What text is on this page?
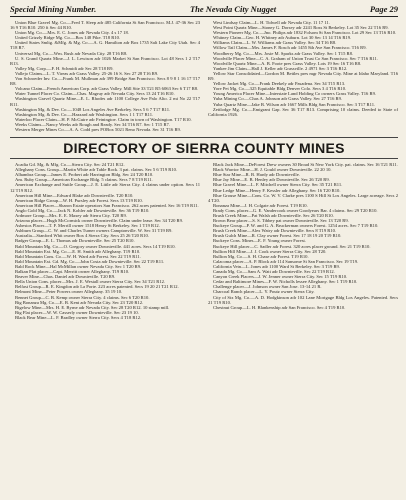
Special Mining Number.	The Nevada City Nugget	Page 29

Union Blue Gravel Mg. Co.—Fred T. Sleep adr 485 California St San Francisco. M.J. 47-36 Sec 23 16 9 T16 R10. 250 ft Sec 44 R10.

Union Mg. Co.—Mrs. E. C. Jones adr Nevada City. 4 s 17 18.

United Grizzly Ridge Mg. Co.—Box 148 Pike. T18 R10.

United States Smltg. &Mfg. & Mg. Co.—A. G. Hamilton adr Box 1735 Salt Lake City Utah. Sec 4 T18 R7.

Universal Mg. Co.—Wm. Rush adr Nevada City. 28 T16 R8.

U. S. Grand Quartz Mine—J. L. Lewison adr 1026 Market St San Francisco. Lot 48 Secs 1 2 T17 R13.

Valley Mg. Corp.—F. H. Schmidt adr Sec 28 T18 R9.

Vallejo Claims—L. T. Vireas adr Grass Valley. 25-26 16 S. Sec 27 28 T16 R9.

Von Schroeder Inv. Co.—Frank M. Mullman adr 399 Bridge San Francisco. Secs 8 9 8 1 16 17 T17 R8.

Volcano Claim—French American Corp. adr Grass Valley. Mill Site 33 T21 R5 6063 Sec 6 T17 R8.

Water Tunnel Placer Co. Claim—Chas. Magruy adr Nevada City. Secs 13 24 T16 R10.

Washington Gravel Quartz Mine—E. L. Rhodes adr 1100 College Ave Palo Alto. 2 mi No 22 T17 R11.

Washington Mg. & Dev. Co.—1048 Los Angeles Ave Berkeley. Secs 5 6 7 T17 R11.

Washington Mg. & Dev. Co.—Hazzard adr Washington. Secs 1 1 T17 R11.

Waterloo Placer Claim—H. P. McGuire adr Feiningtoe. Claim in town of Washington. T17 R10.

Weeks Claims—Nancy Weeks adr Rough and Ready. Sec 34 T16 R7. Sec 1 T15 R7.

Western Merger Mines Co.—A. A. Codd pres POBox 5021 Reno Nevada. Sec 31 T16 R9.

West Lindsay Claim—L. H. Tidwell adr Nevada City. 11 17 11.

West Point Quartz Mine—Stoney G. Dorsey adr 2241 Ross St Berkeley. Lot 35 Sec 22 T16 R9.

Western Pioneer Mg. Co.—Jno. Philips adr 1832 Folsom St San Francisco. Lot 29 Sec 13 T16 R10.

Whitney Claim—Geo. H. Whitney adr Auburn. Lot 30 Sec 13 14 T16 R19.

Williams Claim—L. W. Williams adr Grass Valley. Sec 34 T16 R8.

Willow Tail Claim—Mrs. James F. Rosch adr 1455 8th Ave San Francisco. T16 R9.

Woodberry Mg. Co.—Mrs. Josie M. Sparks adr Grass Valley. Sec 1 T15 R8.

Woodville Placer Mine—C. A. Graham of Union Trust Co San Francisco. Sec 7 T16 R11.

Woodville Quartz Mine—A. B. Foote pres Grass Valley. Lots 19 Sec 16 T16 R8.

Yankee Jim Claim—Hall J. Keller adr Grassville. 2 4971 Sec 3 T16 R12.

Yellow Star Consolidated—Gordon M. Bettles pres mgr Nevada City. Mine at Idaho Maryland. T16 R9.

Yellow Jacket Mg. Co.—Frank Deekely adr Pasadena. Sec 34 T15 R13.

Yore Pet Mg. Co.—325 Equitable Bldg Denver Colo. Secs 3 4 T16 R10.

Young America Placer Mine—Interstate Land Holding Co owners Grass Valley. T16 R9.

Yuba Mining Co.—Chas A. Johnson adr Grass Valley. Sec 27 T16 R9.

Yuba Quartz Mine—Jake B. Wilson adr 1667 Mills Bldg San Francisco. Sec 3 T17 R11.

Zeitlodge Mg. Co.—Emigrant Gap. Sec 36 T17 R13. Comprising 10 claims. Deeded to State of California 1926.

DIRECTORY OF SIERRA COUNTY MINES

Acadia Gd. Mg. & Mfg. Co.—Sierra City. Sec 24 T21 R12.

Alleghany Cons. Group—Martin White adr Table Rock. 3 pat. claims. Sec 5 6 T19 R10.

Alhambra Group—James E. Probert adr Harrington Bldg. Sec 24 T20 R10.

Am. Ruby Group—American Exchange Bldg. 5 claims. Secs 7 8 T19 R11.

American Exchange and Suttle Group—J. E. Little adr Sierra City. 4 claims under option. Secs 11 12 T19 R12.

American Hill Mine—Edward Blake adr Downieville. T20 R10.

American Ridge Group—W. H. Pursley adr Forest. Secs 13 T19 R10.

American Hill Placer—Sharon Estate operators San Francisco. 262 acres patented. Sec 16 T19 R11.

Anglo Gold Mg. Co.—Jack N. Kohler adr Downieville. Sec 36 T19 R10.

Ardmore Group—Mrs. E. E. Maxey adr Sierra City. T20 R9.

Arizona placer—Hugh McCormick owner Downieville. Claim under lease. Sec 34 T20 R9.

Asbestos Placer—T. F. Merrill owner 1518 Henry St Berkeley. Sec 1 T19 R12.

Ashburn Group—C. W. and Charles Turner owners Camptonville. W. Sec 31 T19 R9.

Australia—Stanford Whit owner Box 4 Sierra City. Secs 25 26 T20 R10.

Badger Group—E. L. Thomas adr Downieville. Sec 25 T20 R10.

Bald Mountain Mg. Co.—O. Gregory owner Downieville. 441 acres. Secs 14 T19 R10.

Bald Mountain Ext. Mg. Co.—E. H. Smith adr Alleghany. T19 R10.

Bald Mountain Cons. Co.—W. H. Ward adr Forest. Sec 22 T19 R11.

Bald Mountain Ext. Gd. Mg. Co.—John Costa adr Downieville. Sec 22 T19 R11.

Bald Rock Mine—Hal McMillan owner Nevada City. Sec 1 T20 R9.

Balkan Flat placer—Capt. Merritt owner Alleghany. T19 R10.

Beaver Mine—Chas. Daniel adr Downieville. T20 R9.

Bella Union Cons. placer—Mrs. J. E. Westall owner Sierra City. Sec 34 T21 R12.

Belfast Group—R. E. Kingdon adr La Porte. 223 acres patented. Secs 19 20 21 T21 R12.

Belmont Mine—Peter Powers owner Alleghany. 35 19 10.

Bennet Group—C. B. Kemp owner Sierra City. 4 claims. Sec 6 T20 R10.

Big Bonanza Mg. Co.—E. B. Kent adr Nevada City. Sec 23 T20 R12.

Bigelow Mine—Mrs. H. E. Byrne adr Nevada City. Sec 28 T20 R12. 10 stamp mill.

Big Flat placer—W. W. Casserly owner Downieville. Sec 23 19 10.

Black Bear Mine—L. F. Bradley owner Sierra City. Secs 4 T18 R12.

Black Jack Mine—DeForest Drew owners 30 Broad St New York City. pat. claims. Sec 16 T21 R11.

Black Warrior Mine—H. J. Gould owner Downieville. 22 20 10.

Blue Star Mine—R. B. Hardy adr Downieville.

Blue Jay Mine—E. B. Henley adr Downieville. Sec 26 T20 R9.

Blue Gravel Mine—L. F. Mitchell owner Sierra City. Sec 35 T21 R11.

Blue Ledge Mine—Henry F. Kessler adr Alleghany. Sec 16 T20 R10.

Blue Grouse Mine—Cons. Co. W. V. Clarke pres 1100 S Hill St Los Angeles. Large acreage. Secs 2 4 T20.

Bonanza Mine—J. H. Colgate adr Forest. T19 R10.

Brady Cons. placer—G. E. Vandercook owner Goodyears Bar. 4 claims. Sec 29 T20 R10.

Brush Creek Mine—Pat Walsh adr Downieville. Sec 26 T20 R10.

Brown Bear placer—S. S. Tibbey pat owner Downieville. Sec 13 T20 R9.

Buckeye Group—P. W. and G. A. Bruckerman owners Forest. 1254 acres. Sec 7 T19 R10.

Brush Creek Mine—Alex Watry adr Downieville. Secs 8 T19 R10.

Brush Gulch Mine—R. Clay owner Forest. Sec 17 18 19 20 T19 R10.

Buckeye Cons. Mines—E. F. Young owner Forest.

Buckeye Hill placer—C. Sadler adr Forest. 320 acres placer ground. Sec 21 T19 R10.

Bullion Hill Mine—J. J. Cook owner Sierra City. Sec 28 T20.

Bullion Mg. Co.—S. H. Chase adr Forest. T19 R10.

Calacoma placer—A. P. Block adr 114 Sansome St San Francisco. Sec 19 T19.

California Vein—L. Jones adr 1100 Ward St Berkeley. Sec 3 T19 R9.

Canada Mg. Co.—Sam A. Watt adr Downieville. Sec 22 T19 R12.

Canyon Creek Placers—J. W. Jenner owner Sierra City. Sec 15 T19 R10.

Cedar and Baltimore Mines—F. W. Nicholls lessee Alleghany. Sec 1 T19 R10.

Challenge placer—J. Johnson owner San Jose. 13-14 21 R.

Charcoal Ranch placer—L. Y. Poutz owner Sierra City.

City of Six Mg. Co.—A. D. Hodgkinson adr 102 Lane Mortgage Bldg Los Angeles. Patented. Secs 21 T19 R10.

Chestnut Group—L. H. Blankenship adr San Francisco. Sec 4 T19 R10.
